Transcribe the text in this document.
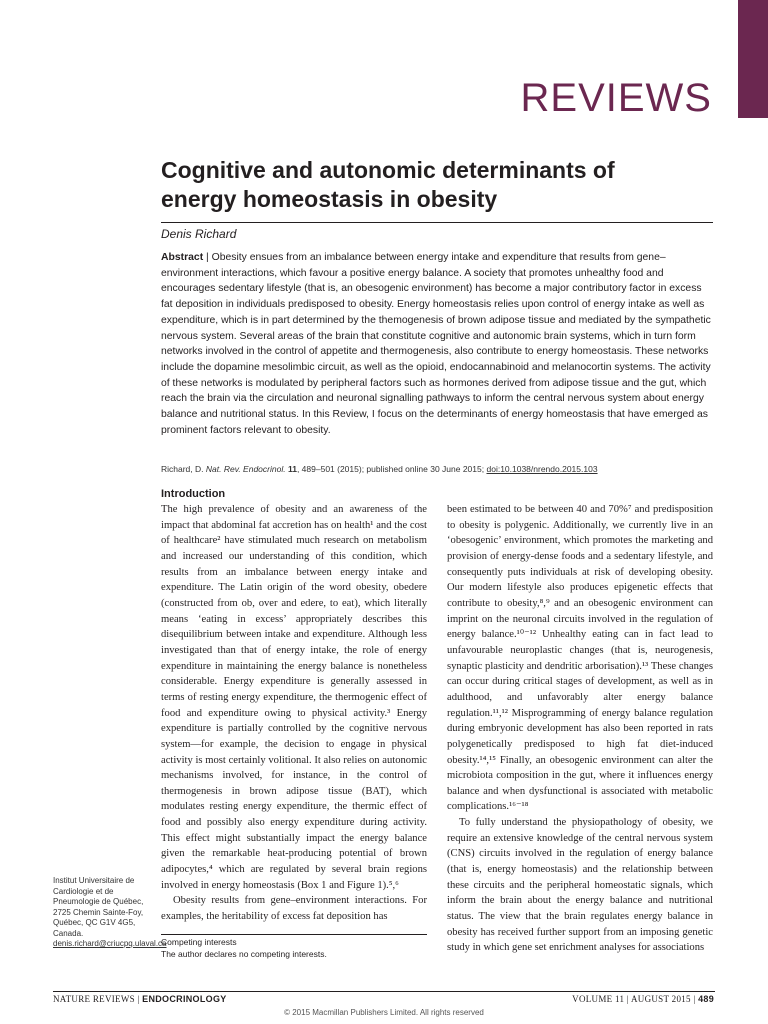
REVIEWS
Cognitive and autonomic determinants of energy homeostasis in obesity
Denis Richard

Abstract | Obesity ensues from an imbalance between energy intake and expenditure that results from gene–environment interactions, which favour a positive energy balance. A society that promotes unhealthy food and encourages sedentary lifestyle (that is, an obesogenic environment) has become a major contributory factor in excess fat deposition in individuals predisposed to obesity. Energy homeostasis relies upon control of energy intake as well as expenditure, which is in part determined by the themogenesis of brown adipose tissue and mediated by the sympathetic nervous system. Several areas of the brain that constitute cognitive and autonomic brain systems, which in turn form networks involved in the control of appetite and thermogenesis, also contribute to energy homeostasis. These networks include the dopamine mesolimbic circuit, as well as the opioid, endocannabinoid and melanocortin systems. The activity of these networks is modulated by peripheral factors such as hormones derived from adipose tissue and the gut, which reach the brain via the circulation and neuronal signalling pathways to inform the central nervous system about energy balance and nutritional status. In this Review, I focus on the determinants of energy homeostasis that have emerged as prominent factors relevant to obesity.

Richard, D. Nat. Rev. Endocrinol. 11, 489–501 (2015); published online 30 June 2015; doi:10.1038/nrendo.2015.103
Introduction

The high prevalence of obesity and an awareness of the impact that abdominal fat accretion has on health¹ and the cost of healthcare² have stimulated much research on metabolism and increased our understanding of this condition, which results from an imbalance between energy intake and expenditure. The Latin origin of the word obesity, obedere (constructed from ob, over and edere, to eat), which literally means ‘eating in excess’ appropriately describes this disequilibrium between intake and expenditure. Although less investigated than that of energy intake, the role of energy expenditure in maintaining the energy balance is nonetheless considerable. Energy expenditure is generally assessed in terms of resting energy expenditure, the thermogenic effect of food and expenditure owing to physical activity.³ Energy expenditure is partially controlled by the cognitive nervous system—for example, the decision to engage in physical activity is most certainly volitional. It also relies on autonomic mechanisms involved, for instance, in the control of thermogenesis in brown adipose tissue (BAT), which modulates resting energy expenditure, the thermic effect of food and possibly also energy expenditure during activity. This effect might substantially impact the energy balance given the remarkable heat-producing potential of brown adipocytes,⁴ which are regulated by several brain regions involved in energy homeostasis (Box 1 and Figure 1).⁵,⁶

Obesity results from gene–environment interactions. For examples, the heritability of excess fat deposition has

been estimated to be between 40 and 70%⁷ and predisposition to obesity is polygenic. Additionally, we currently live in an ‘obesogenic’ environment, which promotes the marketing and provision of energy-dense foods and a sedentary lifestyle, and consequently puts individuals at risk of developing obesity. Our modern lifestyle also produces epigenetic effects that contribute to obesity,⁸,⁹ and an obesogenic environment can imprint on the neuronal circuits involved in the regulation of energy balance.¹⁰⁻¹² Unhealthy eating can in fact lead to unfavourable neuroplastic changes (that is, neurogenesis, synaptic plasticity and dendritic arborisation).¹³ These changes can occur during critical stages of development, as well as in adulthood, and unfavorably alter energy balance regulation.¹¹,¹² Misprogramming of energy balance regulation during embryonic development has also been reported in rats polygenetically predisposed to high fat diet-induced obesity.¹⁴,¹⁵ Finally, an obesogenic environment can alter the microbiota composition in the gut, where it influences energy balance and when dysfunctional is associated with metabolic complications.¹⁶⁻¹⁸

To fully understand the physiopathology of obesity, we require an extensive knowledge of the central nervous system (CNS) circuits involved in the regulation of energy balance (that is, energy homeostasis) and the relationship between these circuits and the peripheral homeostatic signals, which inform the brain about the energy balance and nutritional status. The view that the brain regulates energy balance in obesity has received further support from an imposing genetic study in which gene set enrichment analyses for associations

Institut Universitaire de Cardiologie et de Pneumologie de Québec, 2725 Chemin Sainte-Foy, Québec, QC G1V 4G5, Canada.
denis.richard@criucpq.ulaval.ca
Competing interests
The author declares no competing interests.
NATURE REVIEWS | ENDOCRINOLOGY	VOLUME 11 | AUGUST 2015 | 489
© 2015 Macmillan Publishers Limited. All rights reserved
